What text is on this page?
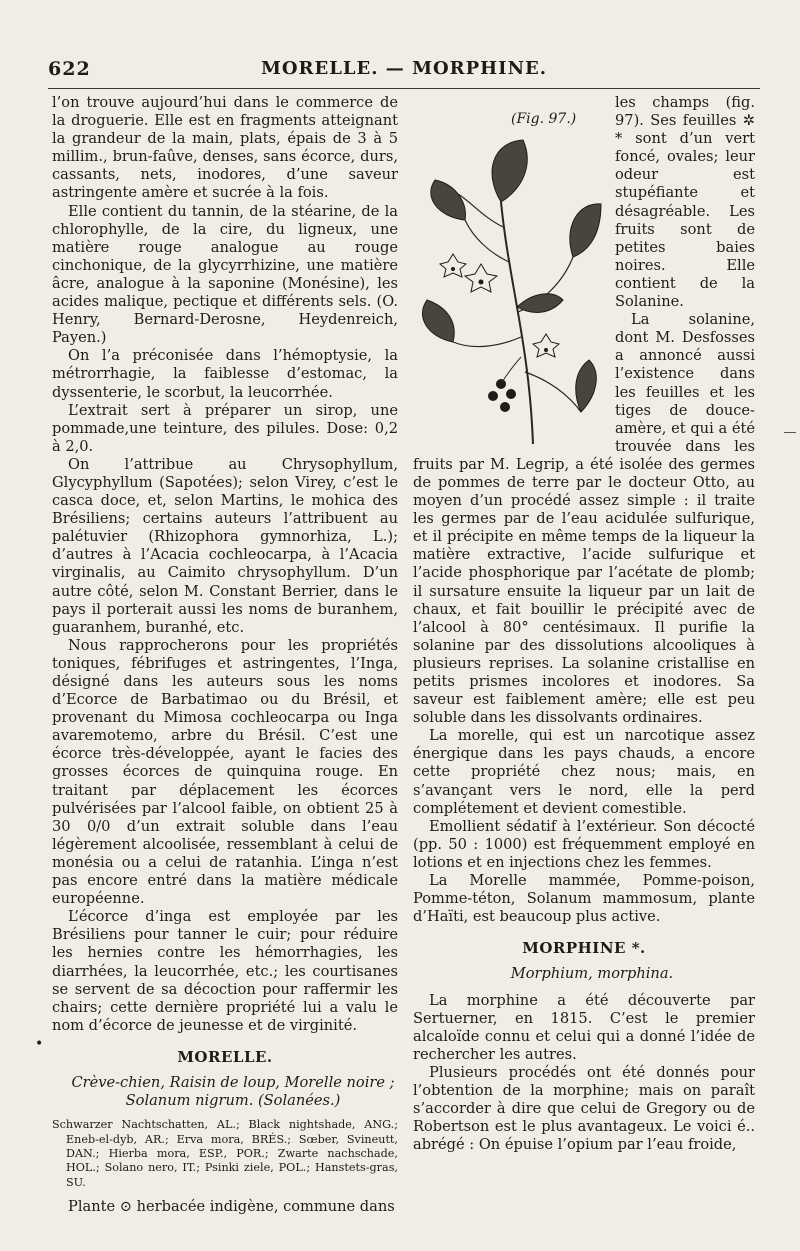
622	MORELLE. — MORPHINE.

l’on trouve aujourd’hui dans le commerce de la droguerie. Elle est en fragments atteignant la grandeur de la main, plats, épais de 3 à 5 millim., brun-faûve, denses, sans écorce, durs, cassants, nets, inodores, d’une saveur astringente amère et sucrée à la fois.

Elle contient du tannin, de la stéarine, de la chlorophylle, de la cire, du ligneux, une matière rouge analogue au rouge cinchonique, de la glycyrrhizine, une matière âcre, analogue à la saponine (Monésine), les acides malique, pectique et différents sels. (O. Henry, Bernard-Derosne, Heydenreich, Payen.)

On l’a préconisée dans l’hémoptysie, la métrorrhagie, la faiblesse d’estomac, la dyssenterie, le scorbut, la leucorrhée.

L’extrait sert à préparer un sirop, une pommade,une teinture, des pilules. Dose: 0,2 à 2,0.

On l’attribue au Chrysophyllum, Glycyphyllum (Sapotées); selon Virey, c’est le casca doce, et, selon Martins, le mohica des Brésiliens; certains auteurs l’attribuent au palétuvier (Rhizophora gymnorhiza, L.); d’autres à l’Acacia cochleocarpa, à l’Acacia virginalis, au Caimito chrysophyllum. D’un autre côté, selon M. Constant Berrier, dans le pays il porterait aussi les noms de buranhem, guaranhem, buranhé, etc.

Nous rapprocherons pour les propriétés toniques, fébrifuges et astringentes, l’Inga, désigné dans les auteurs sous les noms d’Ecorce de Barbatimao ou du Brésil, et provenant du Mimosa cochleocarpa ou Inga avaremotemo, arbre du Brésil. C’est une écorce très-développée, ayant le facies des grosses écorces de quinquina rouge. En traitant par déplacement les écorces pulvérisées par l’alcool faible, on obtient 25 à 30 0/0 d’un extrait soluble dans l’eau légèrement alcoolisée, ressemblant à celui de monésia ou a celui de ratanhia. L’inga n’est pas encore entré dans la matière médicale européenne.

L’écorce d’inga est employée par les Brésiliens pour tanner le cuir; pour réduire les hernies contre les hémorrhagies, les diarrhées, la leucorrhée, etc.; les courtisanes se servent de sa décoction pour raffermir les chairs; cette dernière propriété lui a valu le nom d’écorce de jeunesse et de virginité.

MORELLE.

Crève-chien, Raisin de loup, Morelle noire ;

Solanum nigrum. (Solanées.)

Schwarzer Nachtschatten, AL.; Black nightshade, ANG.; Eneb-el-dyb, AR.; Erva mora, BRÉS.; Sœber, Svineutt, DAN.; Hierba mora, ESP., POR.; Zwarte nachschade, HOL.; Solano nero, IT.; Psinki ziele, POL.; Hanstets-gras, SU.

Plante ⊙ herbacée indigène, commune dans

•
(Fig. 97.)

les champs (fig. 97). Ses feuilles ✲ * sont d’un vert foncé, ovales; leur odeur est stupéfiante et désagréable. Les fruits sont de petites baies noires. Elle contient de la Solanine.

La solanine, dont M. Desfosses a annoncé aussi l’existence dans les feuilles et les tiges de douce-amère, et qui a été trouvée dans les fruits par M. Legrip, a été isolée des germes de pommes de terre par le docteur Otto, au moyen d’un procédé assez simple : il traite les germes par de l’eau acidulée sulfurique, et il précipite en même temps de la liqueur la matière extractive, l’acide sulfurique et l’acide phosphorique par l’acétate de plomb; il sursature ensuite la liqueur par un lait de chaux, et fait bouillir le précipité avec de l’alcool à 80° centésimaux. Il purifie la solanine par des dissolutions alcooliques à plusieurs reprises. La solanine cristallise en petits prismes incolores et inodores. Sa saveur est faiblement amère; elle est peu soluble dans les dissolvants ordinaires.

La morelle, qui est un narcotique assez énergique dans les pays chauds, a encore cette propriété chez nous; mais, en s’avançant vers le nord, elle la perd complétement et devient comestible.

Emollient sédatif à l’extérieur. Son décocté (pp. 50 : 1000) est fréquemment employé en lotions et en injections chez les femmes.

La Morelle mammée, Pomme-poison, Pomme-téton, Solanum mammosum, plante d’Haïti, est beaucoup plus active.

MORPHINE *.

Morphium, morphina.

La morphine a été découverte par Sertuerner, en 1815. C’est le premier alcaloïde connu et celui qui a donné l’idée de rechercher les autres.

Plusieurs procédés ont été donnés pour l’obtention de la morphine; mais on paraît s’accorder à dire que celui de Gregory ou de Robertson est le plus avantageux. Le voici é.. abrégé : On épuise l’opium par l’eau froide,
